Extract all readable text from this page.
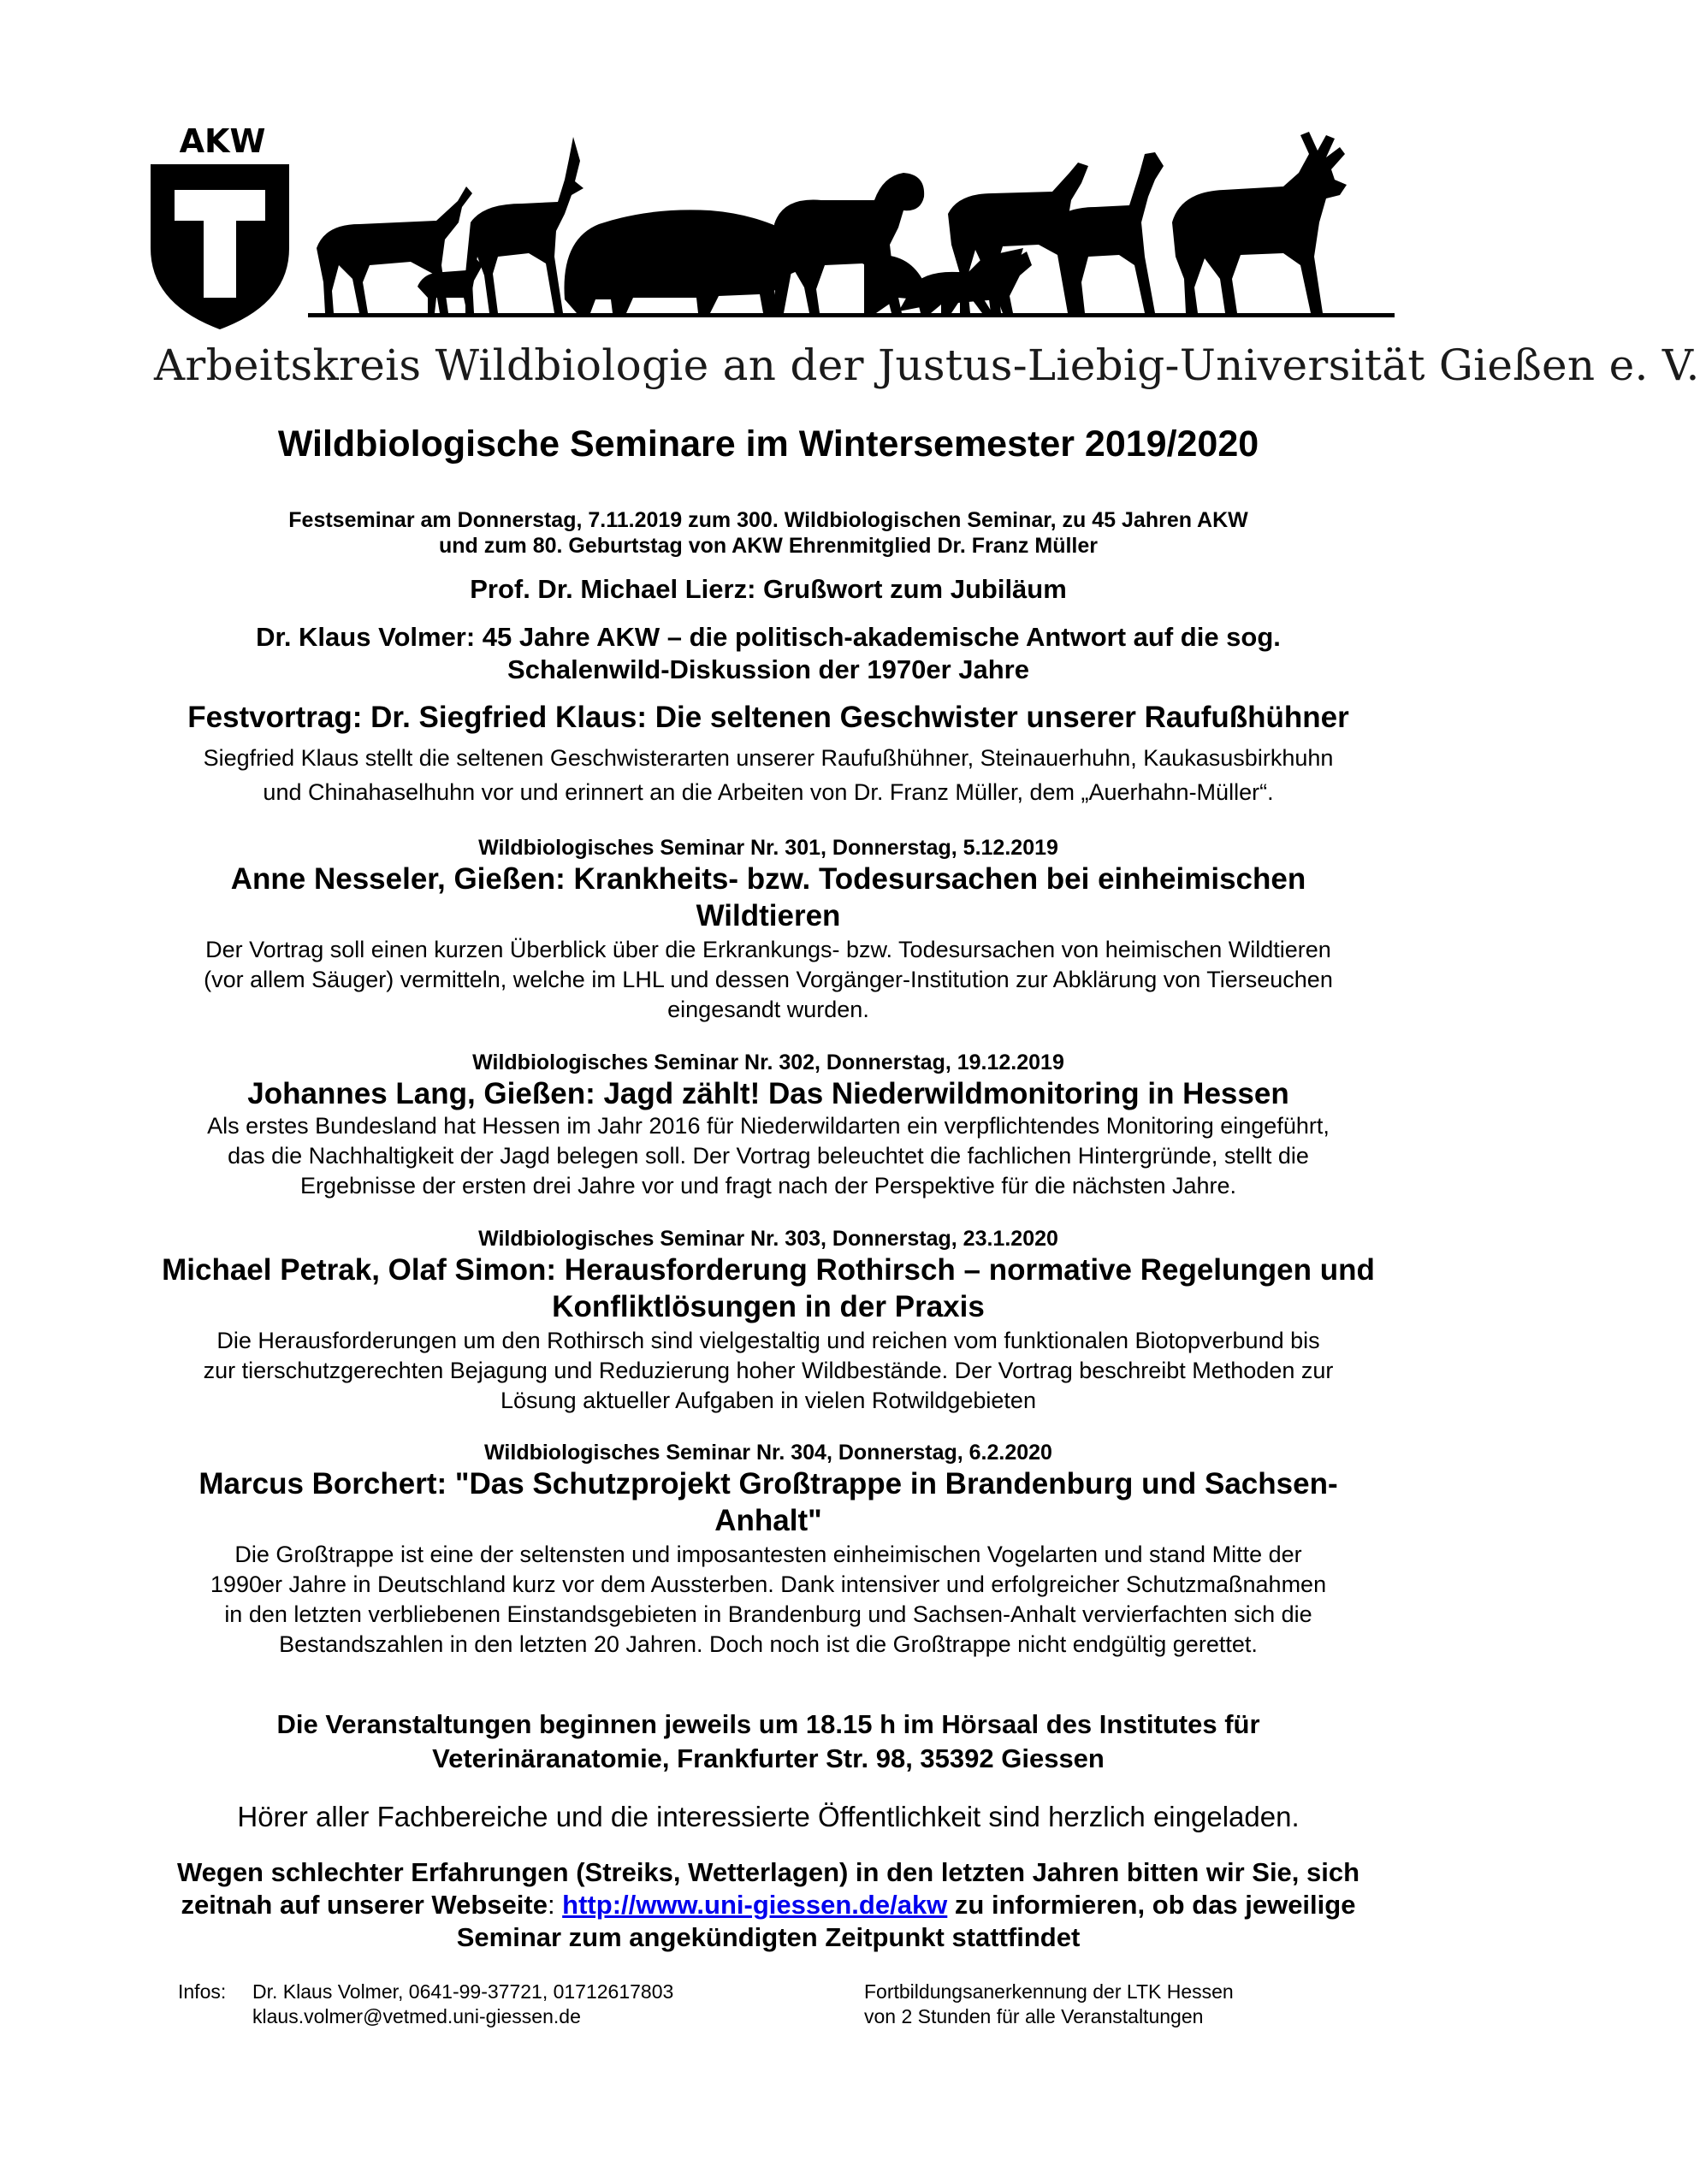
AKW
Arbeitskreis Wildbiologie an der Justus-Liebig-Universität Gießen e. V.
Wildbiologische Seminare im Wintersemester 2019/2020
Festseminar am Donnerstag, 7.11.2019 zum 300. Wildbiologischen Seminar, zu 45 Jahren AKW
und zum 80. Geburtstag von AKW Ehrenmitglied Dr. Franz Müller
Prof. Dr. Michael Lierz: Grußwort zum Jubiläum
Dr. Klaus Volmer: 45 Jahre AKW – die politisch-akademische Antwort auf die sog.
Schalenwild-Diskussion der 1970er Jahre
Festvortrag: Dr. Siegfried Klaus: Die seltenen Geschwister unserer Raufußhühner
Siegfried Klaus stellt die seltenen Geschwisterarten unserer Raufußhühner, Steinauerhuhn, Kaukasusbirkhuhn
und Chinahaselhuhn vor und erinnert an die Arbeiten von Dr. Franz Müller, dem „Auerhahn-Müller“.
Wildbiologisches Seminar Nr. 301, Donnerstag, 5.12.2019
Anne Nesseler, Gießen: Krankheits- bzw. Todesursachen bei einheimischen
Wildtieren
Der Vortrag soll einen kurzen Überblick über die Erkrankungs- bzw. Todesursachen von heimischen Wildtieren
(vor allem Säuger) vermitteln, welche im LHL und dessen Vorgänger-Institution zur Abklärung von Tierseuchen
eingesandt wurden.
Wildbiologisches Seminar Nr. 302, Donnerstag, 19.12.2019
Johannes Lang, Gießen: Jagd zählt! Das Niederwildmonitoring in Hessen
Als erstes Bundesland hat Hessen im Jahr 2016 für Niederwildarten ein verpflichtendes Monitoring eingeführt,
das die Nachhaltigkeit der Jagd belegen soll. Der Vortrag beleuchtet die fachlichen Hintergründe, stellt die
Ergebnisse der ersten drei Jahre vor und fragt nach der Perspektive für die nächsten Jahre.
Wildbiologisches Seminar Nr. 303, Donnerstag, 23.1.2020
Michael Petrak, Olaf Simon: Herausforderung Rothirsch – normative Regelungen und
Konfliktlösungen in der Praxis
Die Herausforderungen um den Rothirsch sind vielgestaltig und reichen vom funktionalen Biotopverbund bis
zur tierschutzgerechten Bejagung und Reduzierung hoher Wildbestände. Der Vortrag beschreibt Methoden zur
Lösung aktueller Aufgaben in vielen Rotwildgebieten
Wildbiologisches Seminar Nr. 304, Donnerstag, 6.2.2020
Marcus Borchert: "Das Schutzprojekt Großtrappe in Brandenburg und Sachsen-
Anhalt"
Die Großtrappe ist eine der seltensten und imposantesten einheimischen Vogelarten und stand Mitte der
1990er Jahre in Deutschland kurz vor dem Aussterben. Dank intensiver und erfolgreicher Schutzmaßnahmen
in den letzten verbliebenen Einstandsgebieten in Brandenburg und Sachsen-Anhalt vervierfachten sich die
Bestandszahlen in den letzten 20 Jahren. Doch noch ist die Großtrappe nicht endgültig gerettet.
Die Veranstaltungen beginnen jeweils um 18.15 h im Hörsaal des Institutes für
Veterinäranatomie, Frankfurter Str. 98, 35392 Giessen
Hörer aller Fachbereiche und die interessierte Öffentlichkeit sind herzlich eingeladen.
Wegen schlechter Erfahrungen (Streiks, Wetterlagen) in den letzten Jahren bitten wir Sie, sich
zeitnah auf unserer Webseite: http://www.uni-giessen.de/akw zu informieren, ob das jeweilige
Seminar zum angekündigten Zeitpunkt stattfindet
Infos: Dr. Klaus Volmer, 0641-99-37721, 01712617803
klaus.volmer@vetmed.uni-giessen.de
Fortbildungsanerkennung der LTK Hessen
von 2 Stunden für alle Veranstaltungen
